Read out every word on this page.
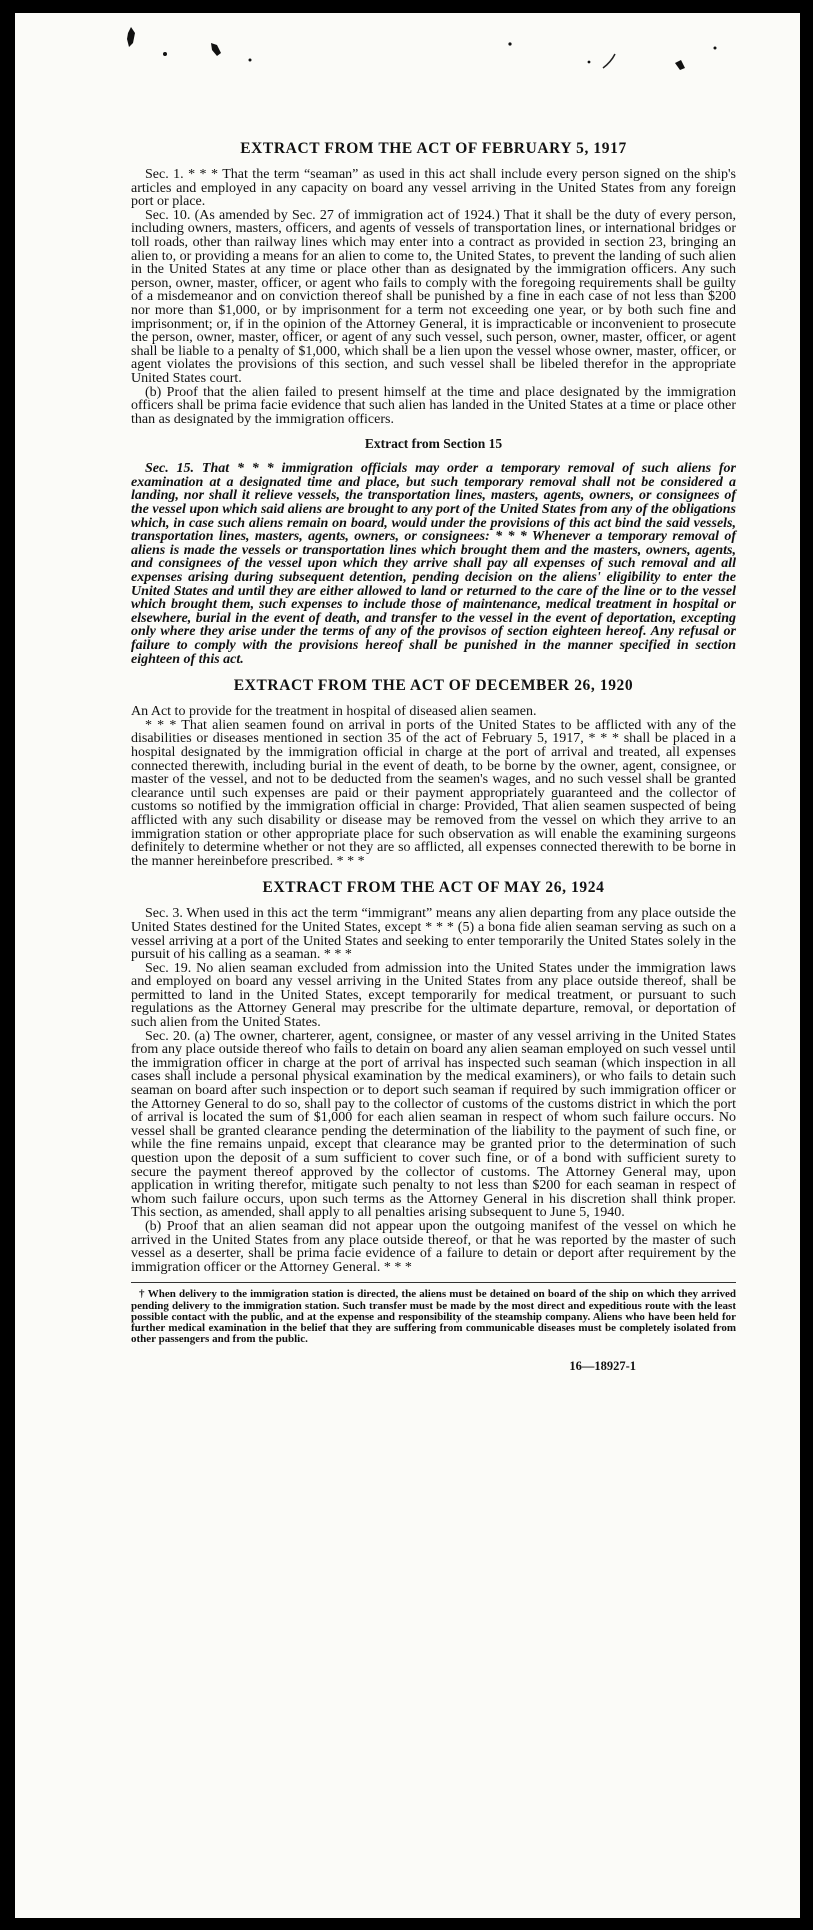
EXTRACT FROM THE ACT OF FEBRUARY 5, 1917

Sec. 1. * * * That the term “seaman” as used in this act shall include every person signed on the ship's articles and employed in any capacity on board any vessel arriving in the United States from any foreign port or place.

Sec. 10. (As amended by Sec. 27 of immigration act of 1924.) That it shall be the duty of every person, including owners, masters, officers, and agents of vessels of transportation lines, or international bridges or toll roads, other than railway lines which may enter into a contract as provided in section 23, bringing an alien to, or providing a means for an alien to come to, the United States, to prevent the landing of such alien in the United States at any time or place other than as designated by the immigration officers. Any such person, owner, master, officer, or agent who fails to comply with the foregoing requirements shall be guilty of a misdemeanor and on conviction thereof shall be punished by a fine in each case of not less than $200 nor more than $1,000, or by imprisonment for a term not exceeding one year, or by both such fine and imprisonment; or, if in the opinion of the Attorney General, it is impracticable or inconvenient to prosecute the person, owner, master, officer, or agent of any such vessel, such person, owner, master, officer, or agent shall be liable to a penalty of $1,000, which shall be a lien upon the vessel whose owner, master, officer, or agent violates the provisions of this section, and such vessel shall be libeled therefor in the appropriate United States court.

(b) Proof that the alien failed to present himself at the time and place designated by the immigration officers shall be prima facie evidence that such alien has landed in the United States at a time or place other than as designated by the immigration officers.

Extract from Section 15

Sec. 15. That * * * immigration officials may order a temporary removal of such aliens for examination at a designated time and place, but such temporary removal shall not be considered a landing, nor shall it relieve vessels, the transportation lines, masters, agents, owners, or consignees of the vessel upon which said aliens are brought to any port of the United States from any of the obligations which, in case such aliens remain on board, would under the provisions of this act bind the said vessels, transportation lines, masters, agents, owners, or consignees: * * * Whenever a temporary removal of aliens is made the vessels or transportation lines which brought them and the masters, owners, agents, and consignees of the vessel upon which they arrive shall pay all expenses of such removal and all expenses arising during subsequent detention, pending decision on the aliens' eligibility to enter the United States and until they are either allowed to land or returned to the care of the line or to the vessel which brought them, such expenses to include those of maintenance, medical treatment in hospital or elsewhere, burial in the event of death, and transfer to the vessel in the event of deportation, excepting only where they arise under the terms of any of the provisos of section eighteen hereof. Any refusal or failure to comply with the provisions hereof shall be punished in the manner specified in section eighteen of this act.

EXTRACT FROM THE ACT OF DECEMBER 26, 1920

An Act to provide for the treatment in hospital of diseased alien seamen.

* * * That alien seamen found on arrival in ports of the United States to be afflicted with any of the disabilities or diseases mentioned in section 35 of the act of February 5, 1917, * * * shall be placed in a hospital designated by the immigration official in charge at the port of arrival and treated, all expenses connected therewith, including burial in the event of death, to be borne by the owner, agent, consignee, or master of the vessel, and not to be deducted from the seamen's wages, and no such vessel shall be granted clearance until such expenses are paid or their payment appropriately guaranteed and the collector of customs so notified by the immigration official in charge: Provided, That alien seamen suspected of being afflicted with any such disability or disease may be removed from the vessel on which they arrive to an immigration station or other appropriate place for such observation as will enable the examining surgeons definitely to determine whether or not they are so afflicted, all expenses connected therewith to be borne in the manner hereinbefore prescribed. * * *

EXTRACT FROM THE ACT OF MAY 26, 1924

Sec. 3. When used in this act the term “immigrant” means any alien departing from any place outside the United States destined for the United States, except * * * (5) a bona fide alien seaman serving as such on a vessel arriving at a port of the United States and seeking to enter temporarily the United States solely in the pursuit of his calling as a seaman. * * *

Sec. 19. No alien seaman excluded from admission into the United States under the immigration laws and employed on board any vessel arriving in the United States from any place outside thereof, shall be permitted to land in the United States, except temporarily for medical treatment, or pursuant to such regulations as the Attorney General may prescribe for the ultimate departure, removal, or deportation of such alien from the United States.

Sec. 20. (a) The owner, charterer, agent, consignee, or master of any vessel arriving in the United States from any place outside thereof who fails to detain on board any alien seaman employed on such vessel until the immigration officer in charge at the port of arrival has inspected such seaman (which inspection in all cases shall include a personal physical examination by the medical examiners), or who fails to detain such seaman on board after such inspection or to deport such seaman if required by such immigration officer or the Attorney General to do so, shall pay to the collector of customs of the customs district in which the port of arrival is located the sum of $1,000 for each alien seaman in respect of whom such failure occurs. No vessel shall be granted clearance pending the determination of the liability to the payment of such fine, or while the fine remains unpaid, except that clearance may be granted prior to the determination of such question upon the deposit of a sum sufficient to cover such fine, or of a bond with sufficient surety to secure the payment thereof approved by the collector of customs. The Attorney General may, upon application in writing therefor, mitigate such penalty to not less than $200 for each seaman in respect of whom such failure occurs, upon such terms as the Attorney General in his discretion shall think proper. This section, as amended, shall apply to all penalties arising subsequent to June 5, 1940.

(b) Proof that an alien seaman did not appear upon the outgoing manifest of the vessel on which he arrived in the United States from any place outside thereof, or that he was reported by the master of such vessel as a deserter, shall be prima facie evidence of a failure to detain or deport after requirement by the immigration officer or the Attorney General. * * *

† When delivery to the immigration station is directed, the aliens must be detained on board of the ship on which they arrived pending delivery to the immigration station. Such transfer must be made by the most direct and expeditious route with the least possible contact with the public, and at the expense and responsibility of the steamship company. Aliens who have been held for further medical examination in the belief that they are suffering from communicable diseases must be completely isolated from other passengers and from the public.

16—18927-1
